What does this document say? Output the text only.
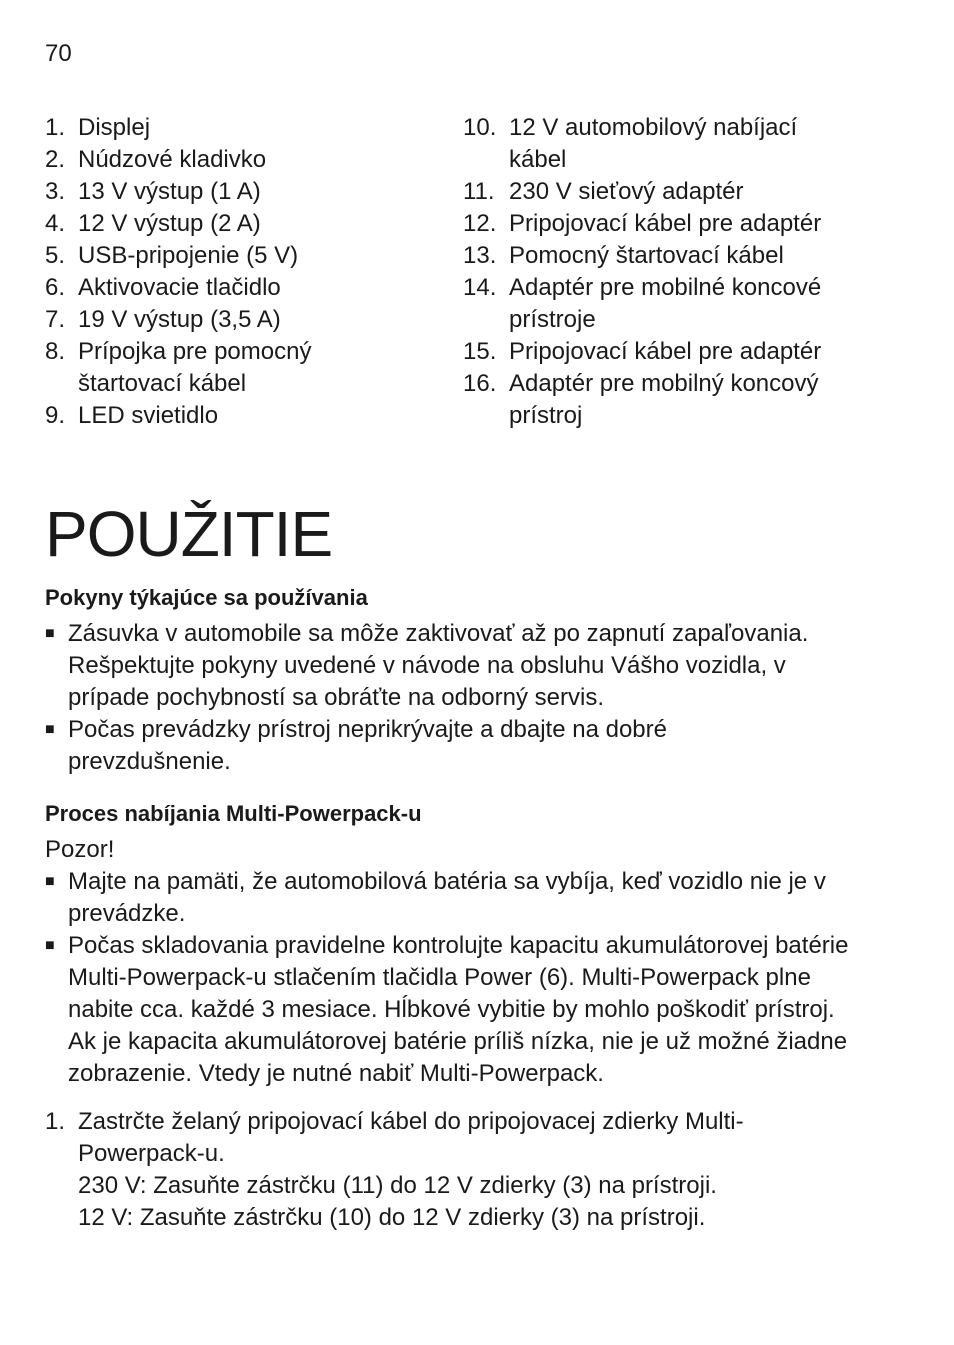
70
1. Displej
2. Núdzové kladivko
3. 13 V výstup (1 A)
4. 12 V výstup (2 A)
5. USB-pripojenie (5 V)
6. Aktivovacie tlačidlo
7. 19 V výstup (3,5 A)
8. Prípojka pre pomocný štartovací kábel
9. LED svietidlo
10. 12 V automobilový nabíjací kábel
11. 230 V sieťový adaptér
12. Pripojovací kábel pre adaptér
13. Pomocný štartovací kábel
14. Adaptér pre mobilné koncové prístroje
15. Pripojovací kábel pre adaptér
16. Adaptér pre mobilný koncový prístroj
POUŽITIE

Pokyny týkajúce sa používania

■ Zásuvka v automobile sa môže zaktivovať až po zapnutí zapaľovania. Rešpektujte pokyny uvedené v návode na obsluhu Vášho vozidla, v prípade pochybností sa obráťte na odborný servis.
■ Počas prevádzky prístroj neprikrývajte a dbajte na dobré prevzdušnenie.

Proces nabíjania Multi-Powerpack-u

Pozor!

■ Majte na pamäti, že automobilová batéria sa vybíja, keď vozidlo nie je v prevádzke.
■ Počas skladovania pravidelne kontrolujte kapacitu akumulátorovej batérie Multi-Powerpack-u stlačením tlačidla Power (6). Multi-Powerpack plne nabite cca. každé 3 mesiace. Hĺbkové vybitie by mohlo poškodiť prístroj. Ak je kapacita akumulátorovej batérie príliš nízka, nie je už možné žiadne zobrazenie. Vtedy je nutné nabiť Multi-Powerpack.
1. Zastrčte želaný pripojovací kábel do pripojovacej zdierky Multi-Powerpack-u.
230 V: Zasuňte zástrčku (11) do 12 V zdierky (3) na prístroji.
12 V: Zasuňte zástrčku (10) do 12 V zdierky (3) na prístroji.
